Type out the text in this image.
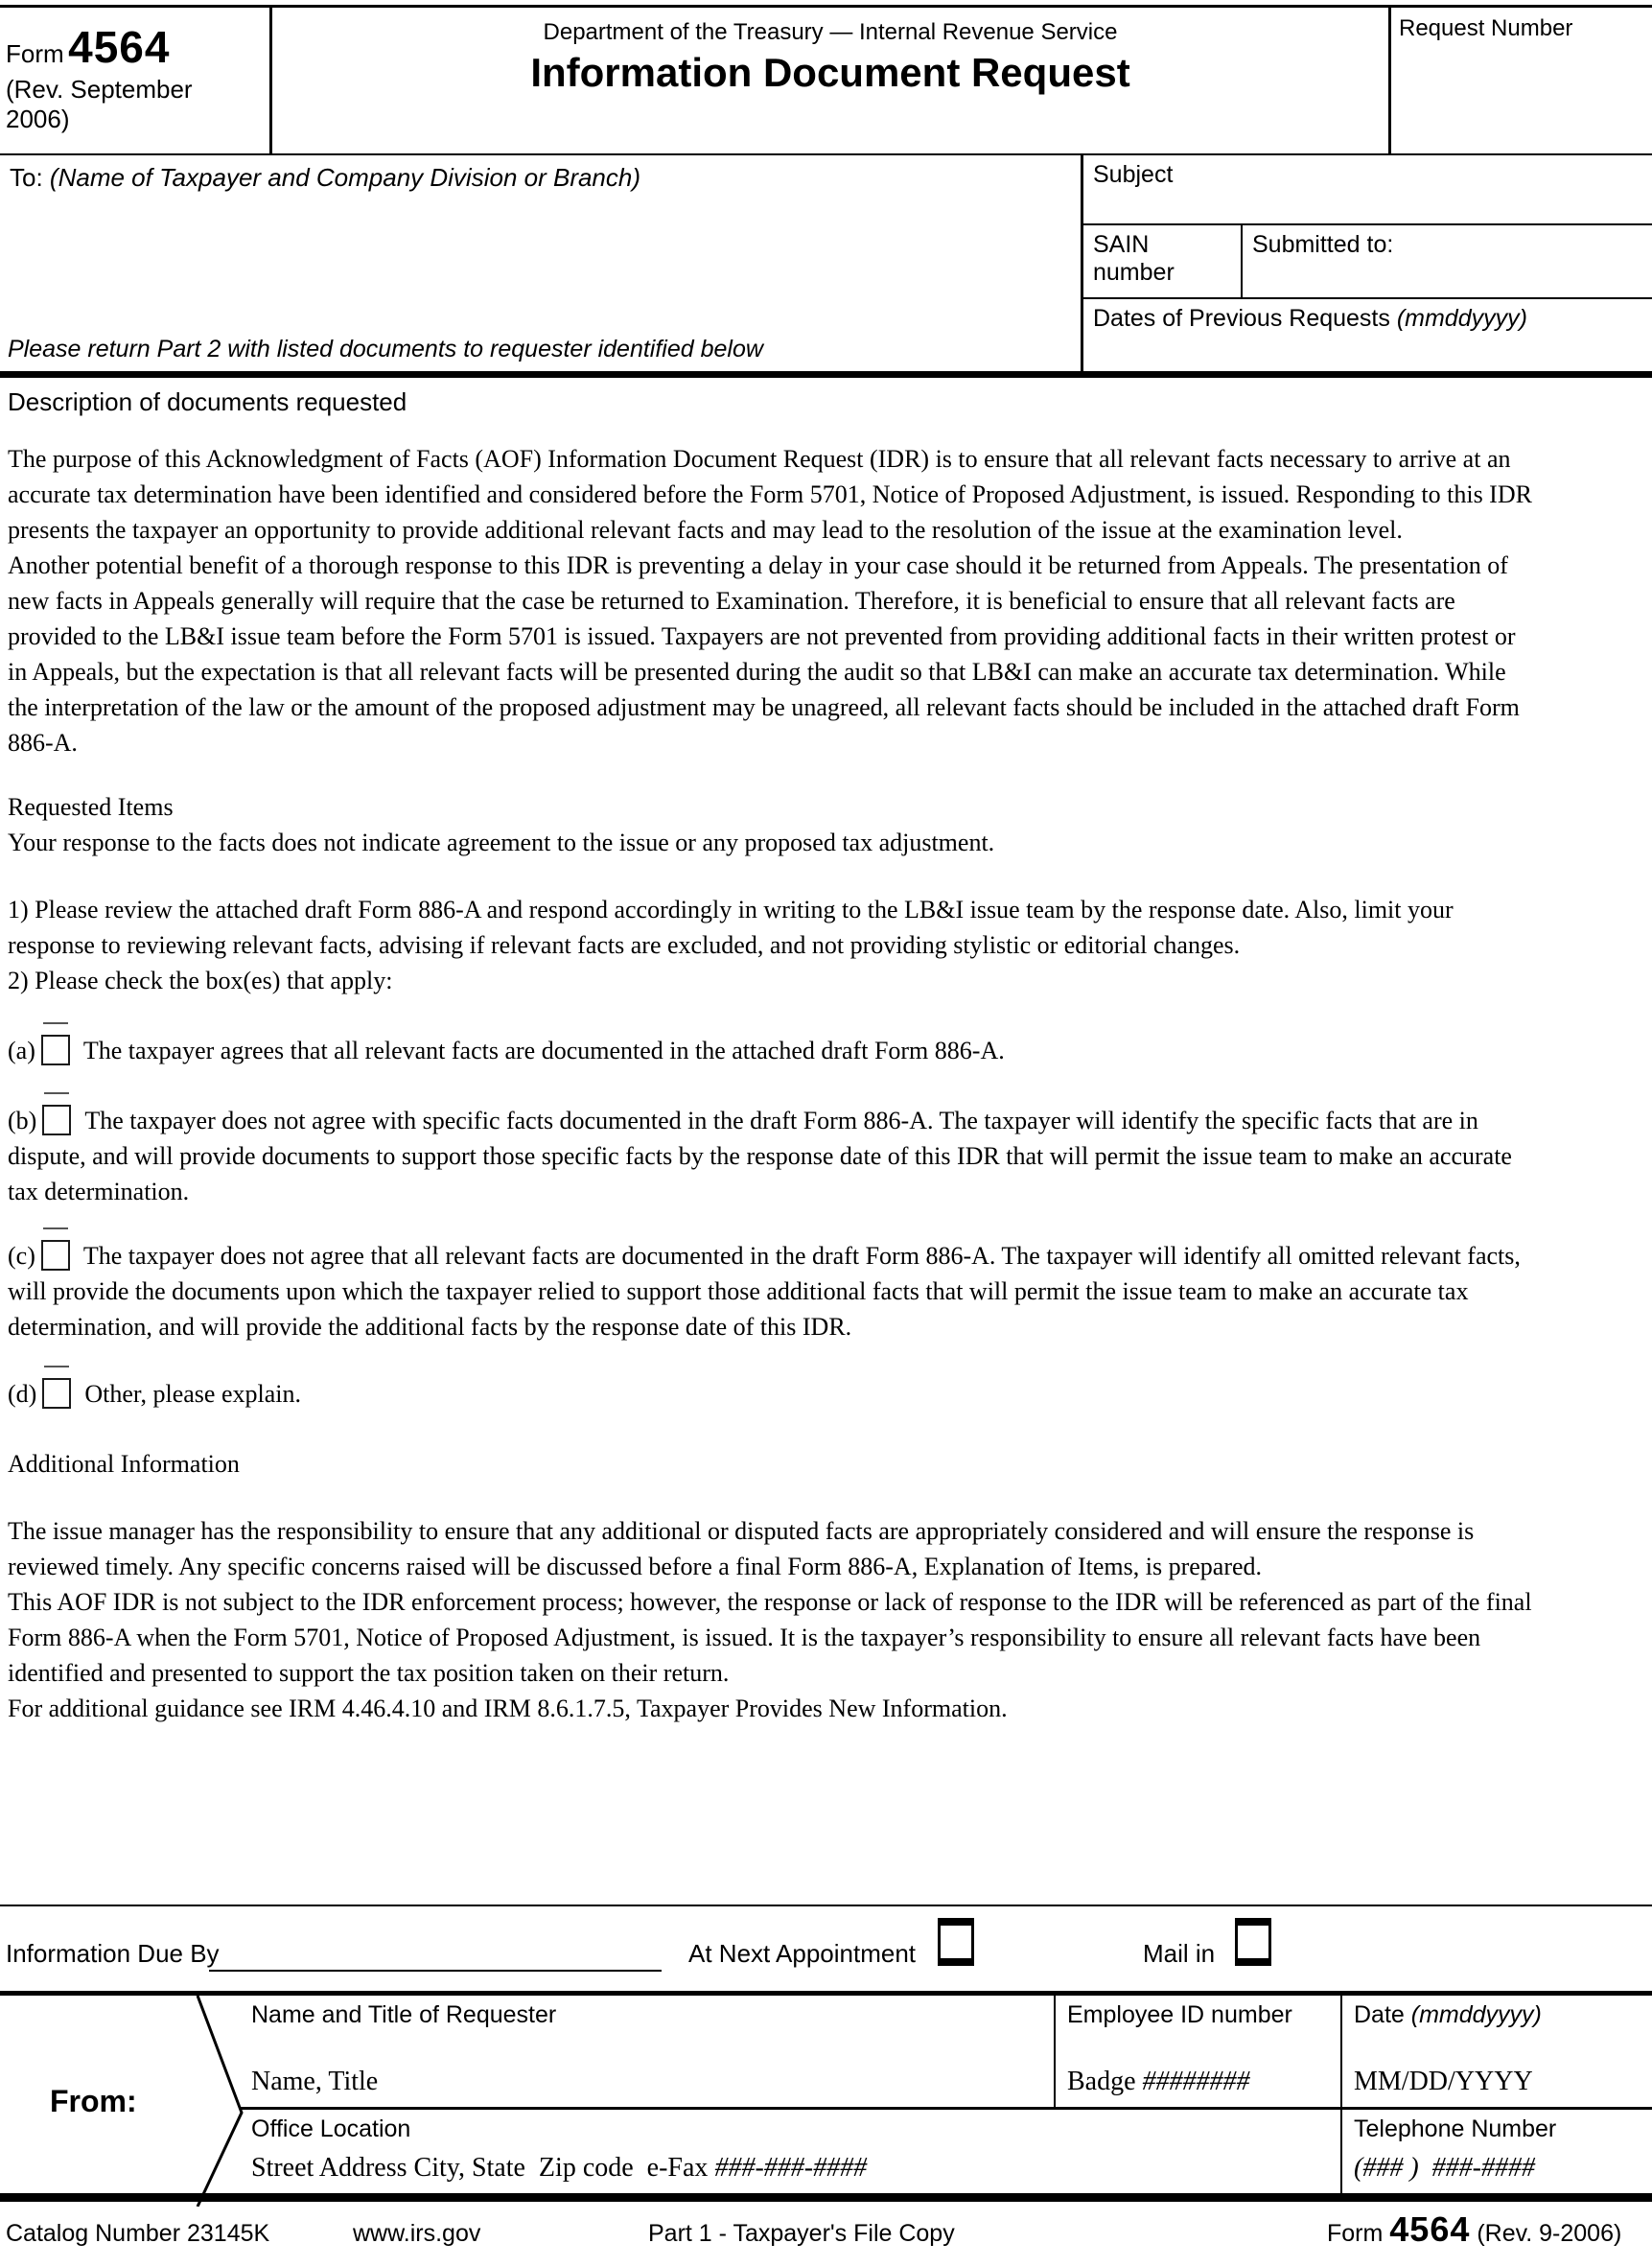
Form 4564
(Rev. September 2006)
Department of the Treasury — Internal Revenue Service
Information Document Request
Request Number
To: (Name of Taxpayer and Company Division or Branch)
Please return Part 2 with listed documents to requester identified below
Subject
SAIN number
Submitted to:
Dates of Previous Requests (mmddyyyy)
Description of documents requested

The purpose of this Acknowledgment of Facts (AOF) Information Document Request (IDR) is to ensure that all relevant facts necessary to arrive at an accurate tax determination have been identified and considered before the Form 5701, Notice of Proposed Adjustment, is issued. Responding to this IDR presents the taxpayer an opportunity to provide additional relevant facts and may lead to the resolution of the issue at the examination level.

Another potential benefit of a thorough response to this IDR is preventing a delay in your case should it be returned from Appeals. The presentation of new facts in Appeals generally will require that the case be returned to Examination. Therefore, it is beneficial to ensure that all relevant facts are provided to the LB&I issue team before the Form 5701 is issued. Taxpayers are not prevented from providing additional facts in their written protest or in Appeals, but the expectation is that all relevant facts will be presented during the audit so that LB&I can make an accurate tax determination. While the interpretation of the law or the amount of the proposed adjustment may be unagreed, all relevant facts should be included in the attached draft Form 886-A.

Requested Items

Your response to the facts does not indicate agreement to the issue or any proposed tax adjustment.

1) Please review the attached draft Form 886-A and respond accordingly in writing to the LB&I issue team by the response date. Also, limit your response to reviewing relevant facts, advising if relevant facts are excluded, and not providing stylistic or editorial changes.

2) Please check the box(es) that apply:

(a) The taxpayer agrees that all relevant facts are documented in the attached draft Form 886-A.

(b) The taxpayer does not agree with specific facts documented in the draft Form 886-A. The taxpayer will identify the specific facts that are in dispute, and will provide documents to support those specific facts by the response date of this IDR that will permit the issue team to make an accurate tax determination.

(c) The taxpayer does not agree that all relevant facts are documented in the draft Form 886-A. The taxpayer will identify all omitted relevant facts, will provide the documents upon which the taxpayer relied to support those additional facts that will permit the issue team to make an accurate tax determination, and will provide the additional facts by the response date of this IDR.

(d) Other, please explain.

Additional Information

The issue manager has the responsibility to ensure that any additional or disputed facts are appropriately considered and will ensure the response is reviewed timely. Any specific concerns raised will be discussed before a final Form 886-A, Explanation of Items, is prepared.

This AOF IDR is not subject to the IDR enforcement process; however, the response or lack of response to the IDR will be referenced as part of the final Form 886-A when the Form 5701, Notice of Proposed Adjustment, is issued. It is the taxpayer’s responsibility to ensure all relevant facts have been identified and presented to support the tax position taken on their return.

For additional guidance see IRM 4.46.4.10 and IRM 8.6.1.7.5, Taxpayer Provides New Information.

Information Due By	At Next Appointment	Mail in
From:
Name and Title of Requester
Name, Title
Employee ID number
Badge ########
Date (mmddyyyy)
MM/DD/YYYY
Office Location
Street Address City, State  Zip code  e-Fax ###-###-####
Telephone Number
(### )  ###-####
Catalog Number 23145K	www.irs.gov	Part 1 - Taxpayer's File Copy	Form 4564 (Rev. 9-2006)
